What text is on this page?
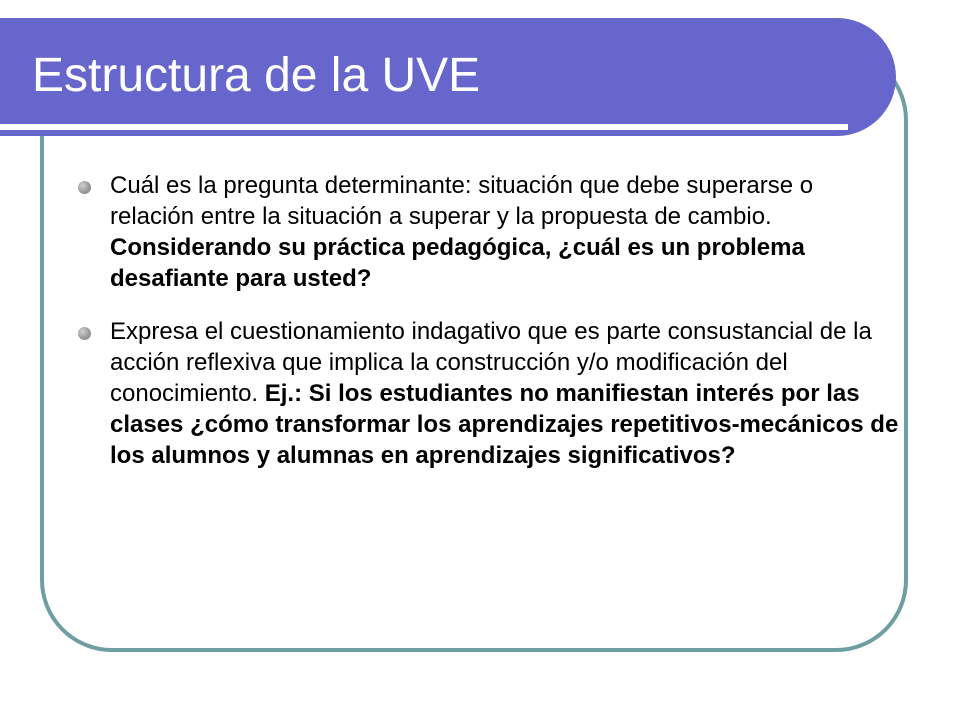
Estructura de la UVE
Cuál es la pregunta determinante: situación que debe superarse o relación entre la situación a superar y la propuesta de cambio. Considerando su práctica pedagógica, ¿cuál es un problema desafiante para usted?
Expresa el cuestionamiento indagativo que es parte consustancial de la acción reflexiva que implica la construcción y/o modificación del conocimiento. Ej.: Si los estudiantes no manifiestan interés por las clases ¿cómo transformar los aprendizajes repetitivos-mecánicos de los alumnos y alumnas en aprendizajes significativos?
